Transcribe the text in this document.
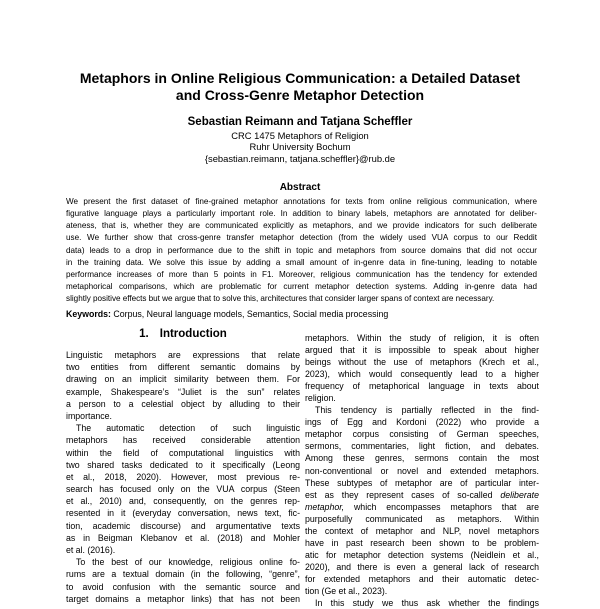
Metaphors in Online Religious Communication: a Detailed Dataset
and Cross-Genre Metaphor Detection
Sebastian Reimann and Tatjana Scheffler
CRC 1475 Metaphors of Religion
Ruhr University Bochum
{sebastian.reimann, tatjana.scheffler}@rub.de
Abstract
We present the first dataset of fine-grained metaphor annotations for texts from online religious communication, where
figurative language plays a particularly important role. In addition to binary labels, metaphors are annotated for deliber-
ateness, that is, whether they are communicated explicitly as metaphors, and we provide indicators for such deliberate
use. We further show that cross-genre transfer metaphor detection (from the widely used VUA corpus to our Reddit
data) leads to a drop in performance due to the shift in topic and metaphors from source domains that did not occur
in the training data. We solve this issue by adding a small amount of in-genre data in fine-tuning, leading to notable
performance increases of more than 5 points in F1. Moreover, religious communication has the tendency for extended
metaphorical comparisons, which are problematic for current metaphor detection systems. Adding in-genre data had
slightly positive effects but we argue that to solve this, architectures that consider larger spans of context are necessary.
Keywords: Corpus, Neural language models, Semantics, Social media processing
1. Introduction
Linguistic metaphors are expressions that relate
two entities from different semantic domains by
drawing on an implicit similarity between them. For
example, Shakespeare’s “Juliet is the sun” relates
a person to a celestial object by alluding to their
importance.
The automatic detection of such linguistic
metaphors has received considerable attention
within the field of computational linguistics with
two shared tasks dedicated to it specifically (Leong
et al., 2018, 2020). However, most previous re-
search has focused only on the VUA corpus (Steen
et al., 2010) and, consequently, on the genres rep-
resented in it (everyday conversation, news text, fic-
tion, academic discourse) and argumentative texts
as in Beigman Klebanov et al. (2018) and Mohler
et al. (2016).
To the best of our knowledge, religious online fo-
rums are a textual domain (in the following, “genre”,
to avoid confusion with the semantic source and
target domains a metaphor links) that has not been
metaphors. Within the study of religion, it is often
argued that it is impossible to speak about higher
beings without the use of metaphors (Krech et al.,
2023), which would consequently lead to a higher
frequency of metaphorical language in texts about
religion.
This tendency is partially reflected in the find-
ings of Egg and Kordoni (2022) who provide a
metaphor corpus consisting of German speeches,
sermons, commentaries, light fiction, and debates.
Among these genres, sermons contain the most
non-conventional or novel and extended metaphors.
These subtypes of metaphor are of particular inter-
est as they represent cases of so-called deliberate
metaphor, which encompasses metaphors that are
purposefully communicated as metaphors. Within
the context of metaphor and NLP, novel metaphors
have in past research been shown to be problem-
atic for metaphor detection systems (Neidlein et al.,
2020), and there is even a general lack of research
for extended metaphors and their automatic detec-
tion (Ge et al., 2023).
In this study we thus ask whether the findings
